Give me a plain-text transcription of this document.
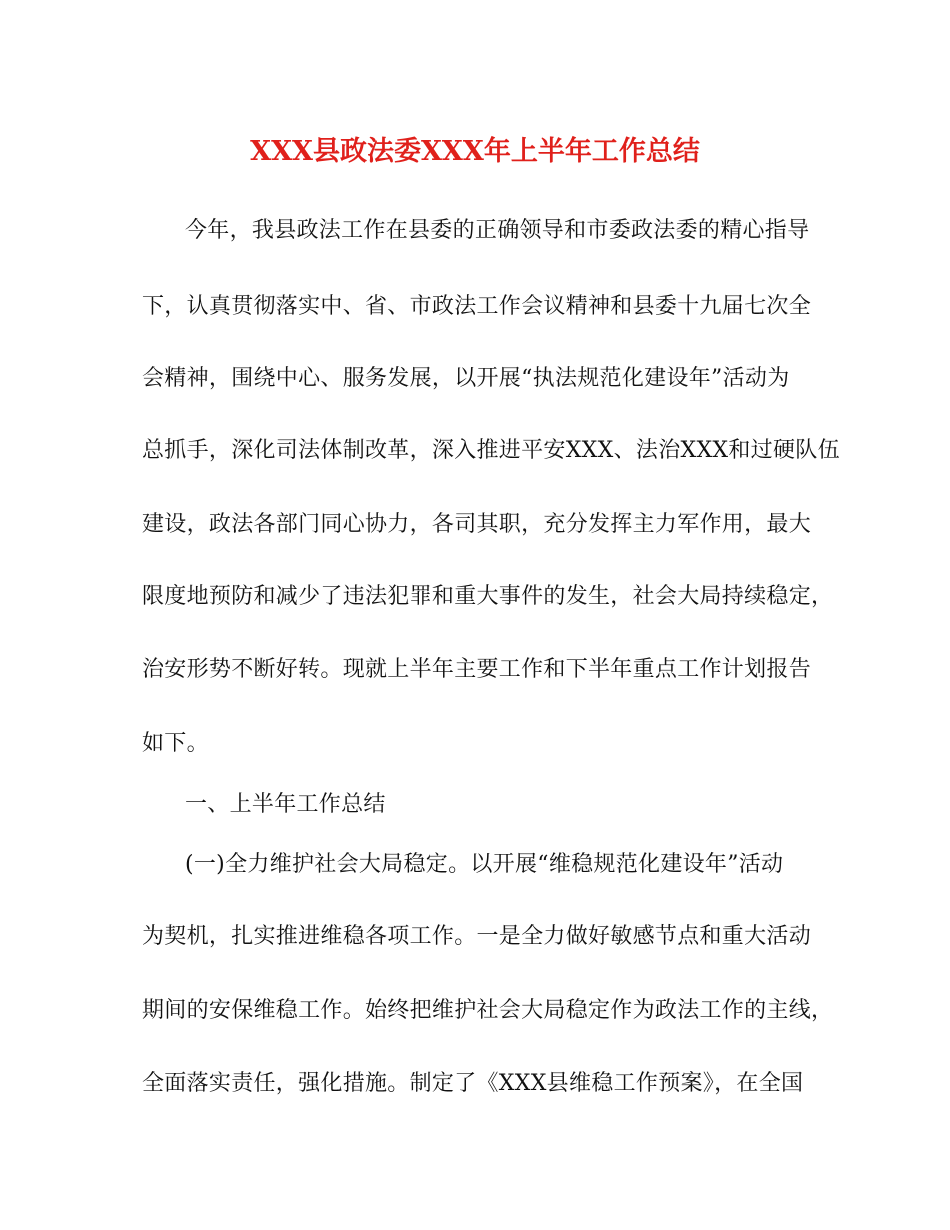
XXX县政法委XXX年上半年工作总结
今年，我县政法工作在县委的正确领导和市委政法委的精心指导
下，认真贯彻落实中、省、市政法工作会议精神和县委十九届七次全
会精神，围绕中心、服务发展，以开展“执法规范化建设年”活动为
总抓手，深化司法体制改革，深入推进平安XXX、法治XXX和过硬队伍
建设，政法各部门同心协力，各司其职，充分发挥主力军作用，最大
限度地预防和减少了违法犯罪和重大事件的发生，社会大局持续稳定，
治安形势不断好转。现就上半年主要工作和下半年重点工作计划报告
如下。
一、上半年工作总结
(一)全力维护社会大局稳定。以开展“维稳规范化建设年”活动
为契机，扎实推进维稳各项工作。一是全力做好敏感节点和重大活动
期间的安保维稳工作。始终把维护社会大局稳定作为政法工作的主线，
全面落实责任，强化措施。制定了《XXX县维稳工作预案》，在全国
